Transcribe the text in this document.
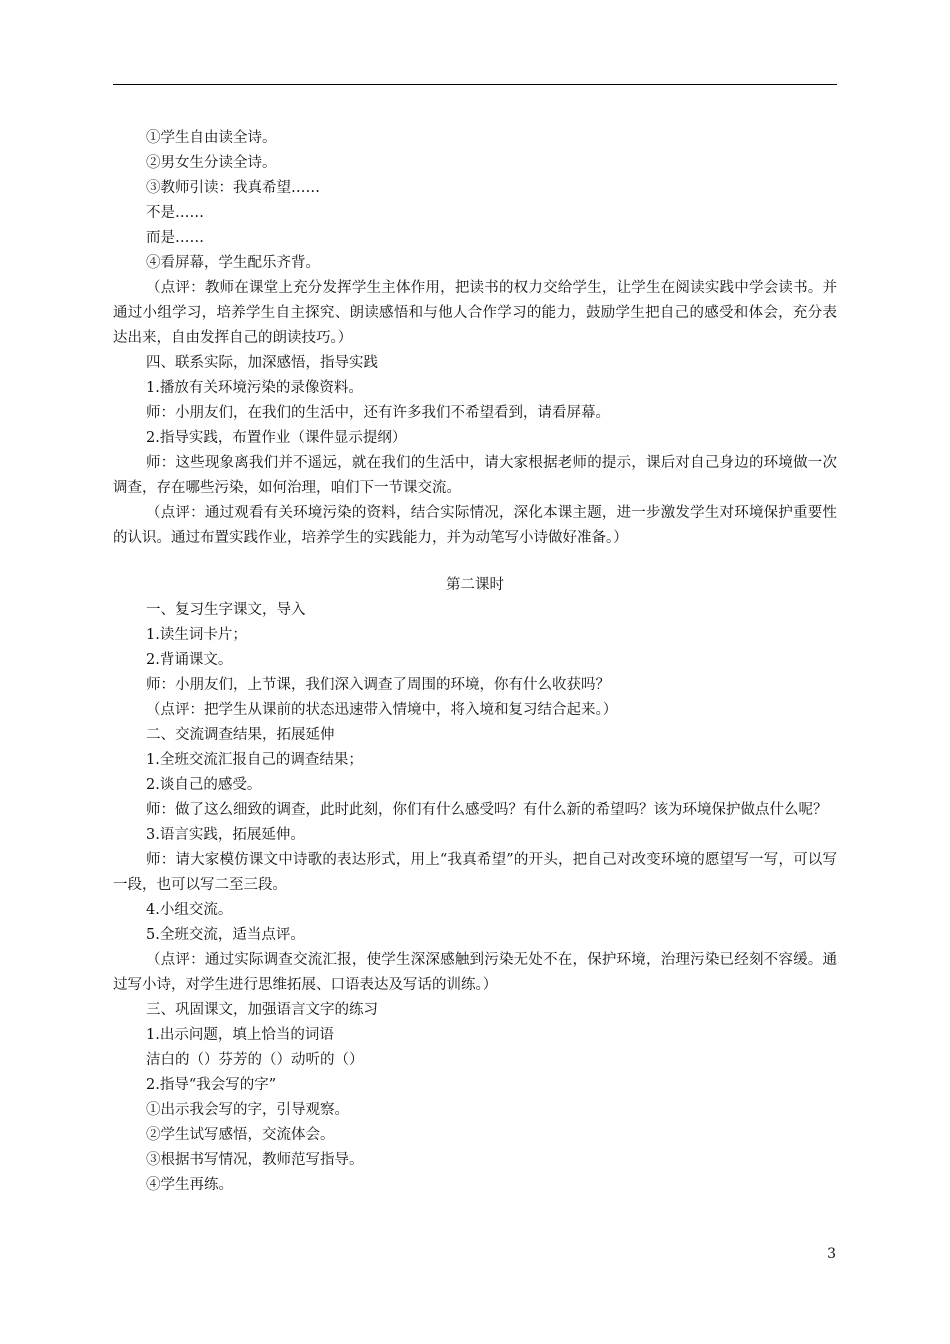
①学生自由读全诗。

②男女生分读全诗。

③教师引读：我真希望……

不是……

而是……

④看屏幕，学生配乐齐背。

（点评：教师在课堂上充分发挥学生主体作用，把读书的权力交给学生，让学生在阅读实践中学会读书。并通过小组学习，培养学生自主探究、朗读感悟和与他人合作学习的能力，鼓励学生把自己的感受和体会，充分表达出来，自由发挥自己的朗读技巧。）

四、联系实际，加深感悟，指导实践

1.播放有关环境污染的录像资料。

师：小朋友们，在我们的生活中，还有许多我们不希望看到，请看屏幕。

2.指导实践，布置作业（课件显示提纲）

师：这些现象离我们并不遥远，就在我们的生活中，请大家根据老师的提示，课后对自己身边的环境做一次调查，存在哪些污染，如何治理，咱们下一节课交流。

（点评：通过观看有关环境污染的资料，结合实际情况，深化本课主题，进一步激发学生对环境保护重要性的认识。通过布置实践作业，培养学生的实践能力，并为动笔写小诗做好准备。）

第二课时

一、复习生字课文，导入

1.读生词卡片；

2.背诵课文。

师：小朋友们，上节课，我们深入调查了周围的环境，你有什么收获吗？

（点评：把学生从课前的状态迅速带入情境中，将入境和复习结合起来。）

二、交流调查结果，拓展延伸

1.全班交流汇报自己的调查结果；

2.谈自己的感受。

师：做了这么细致的调查，此时此刻，你们有什么感受吗？有什么新的希望吗？该为环境保护做点什么呢？

3.语言实践，拓展延伸。

师：请大家模仿课文中诗歌的表达形式，用上“我真希望”的开头，把自己对改变环境的愿望写一写，可以写一段，也可以写二至三段。

4.小组交流。

5.全班交流，适当点评。

（点评：通过实际调查交流汇报，使学生深深感触到污染无处不在，保护环境，治理污染已经刻不容缓。通过写小诗，对学生进行思维拓展、口语表达及写话的训练。）

三、巩固课文，加强语言文字的练习

1.出示问题，填上恰当的词语

洁白的（）芬芳的（）动听的（）

2.指导“我会写的字”

①出示我会写的字，引导观察。

②学生试写感悟，交流体会。

③根据书写情况，教师范写指导。

④学生再练。

3
